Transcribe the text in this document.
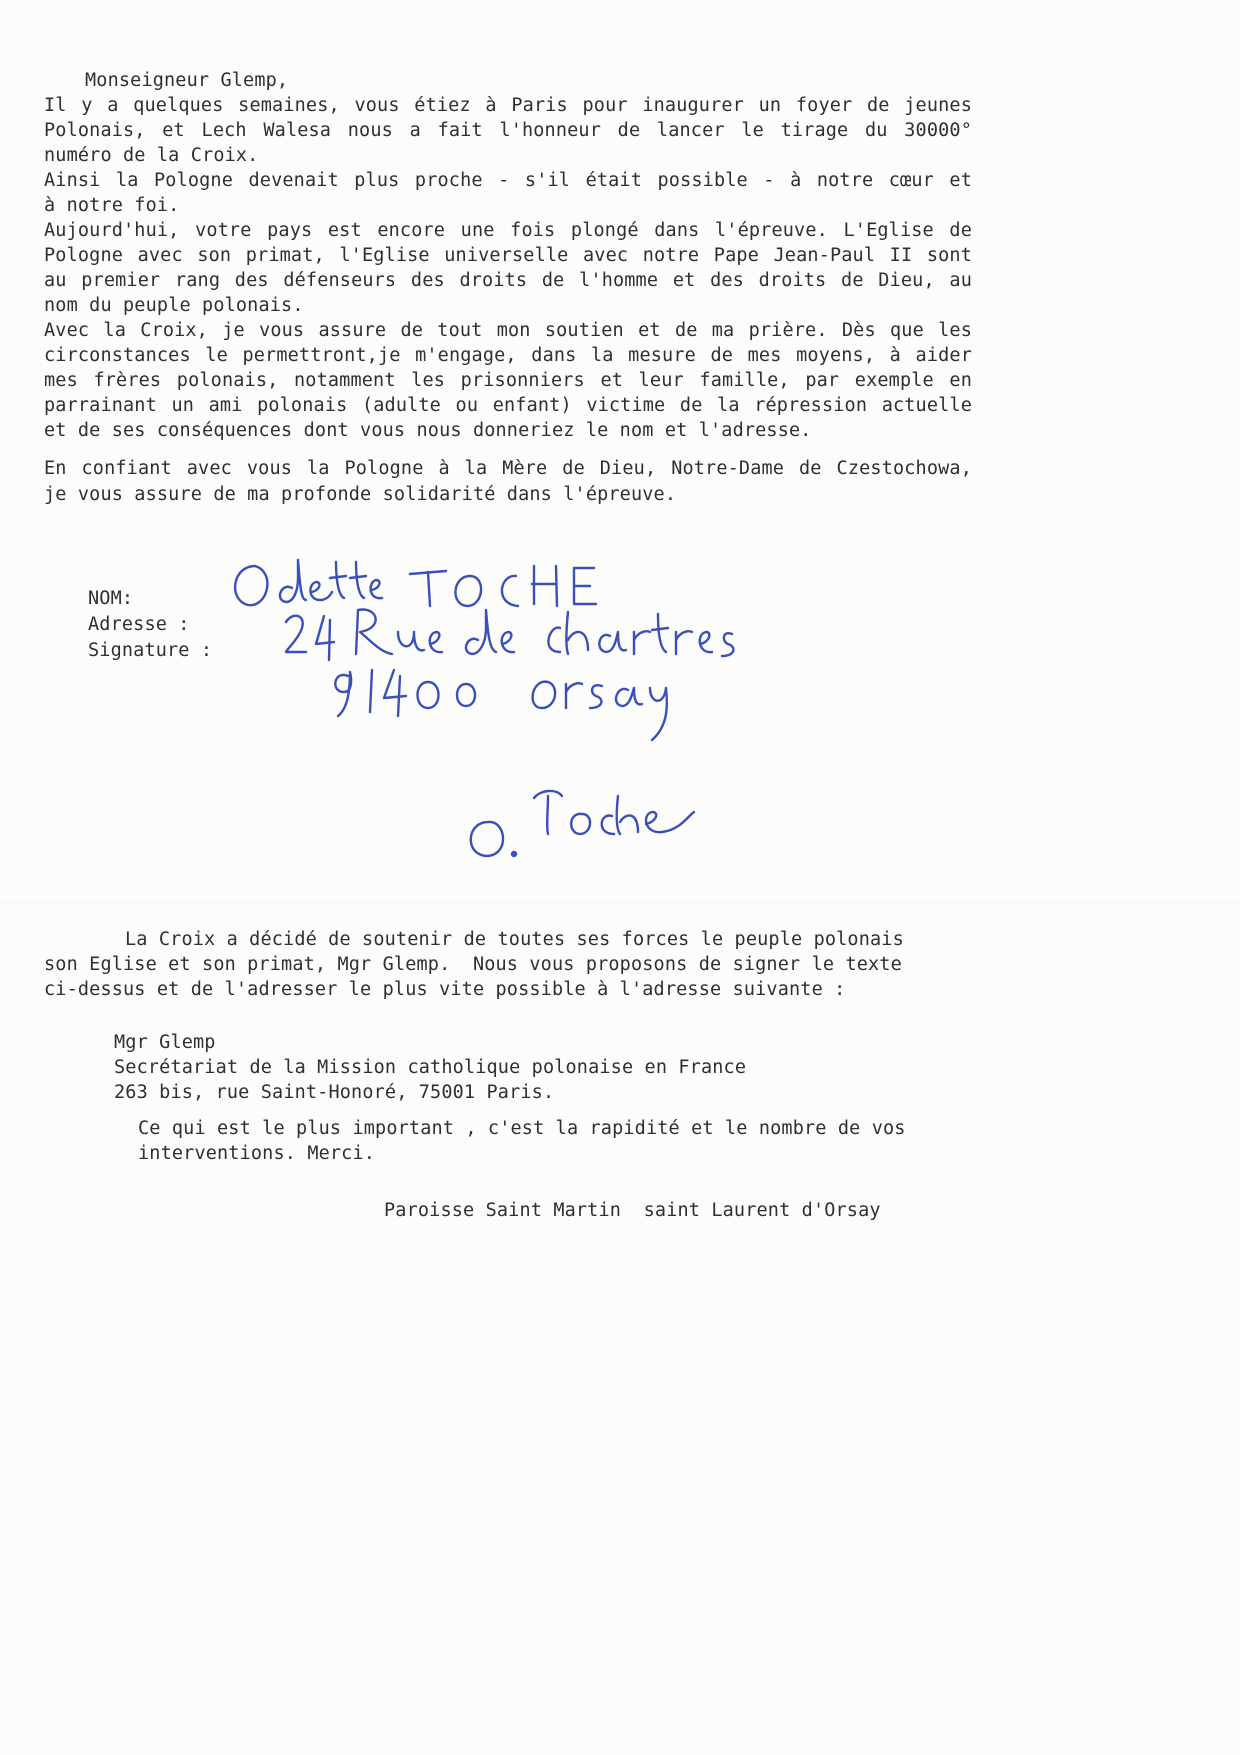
Monseigneur Glemp,
Il y a quelques semaines, vous étiez à Paris pour inaugurer un foyer de jeunes
Polonais, et Lech Walesa nous a fait l'honneur de lancer le tirage du 30000°
numéro de la Croix.
Ainsi la Pologne devenait plus proche - s'il était possible - à notre cœur et
à notre foi.
Aujourd'hui, votre pays est encore une fois plongé dans l'épreuve. L'Eglise de
Pologne avec son primat, l'Eglise universelle avec notre Pape Jean-Paul II sont
au premier rang des défenseurs des droits de l'homme et des droits de Dieu, au
nom du peuple polonais.
Avec la Croix, je vous assure de tout mon soutien et de ma prière. Dès que les
circonstances le permettront,je m'engage, dans la mesure de mes moyens, à aider
mes frères polonais, notamment les prisonniers et leur famille, par exemple en
parrainant un ami polonais (adulte ou enfant) victime de la répression actuelle
et de ses conséquences dont vous nous donneriez le nom et l'adresse.
En confiant avec vous la Pologne à la Mère de Dieu, Notre-Dame de Czestochowa,
je vous assure de ma profonde solidarité dans l'épreuve.
NOM:
Adresse :
Signature :
La Croix a décidé de soutenir de toutes ses forces le peuple polonais
son Eglise et son primat, Mgr Glemp.  Nous vous proposons de signer le texte
ci-dessus et de l'adresser le plus vite possible à l'adresse suivante :
Mgr Glemp
Secrétariat de la Mission catholique polonaise en France
263 bis, rue Saint-Honoré, 75001 Paris.
Ce qui est le plus important , c'est la rapidité et le nombre de vos
interventions. Merci.
Paroisse Saint Martin  saint Laurent d'Orsay
